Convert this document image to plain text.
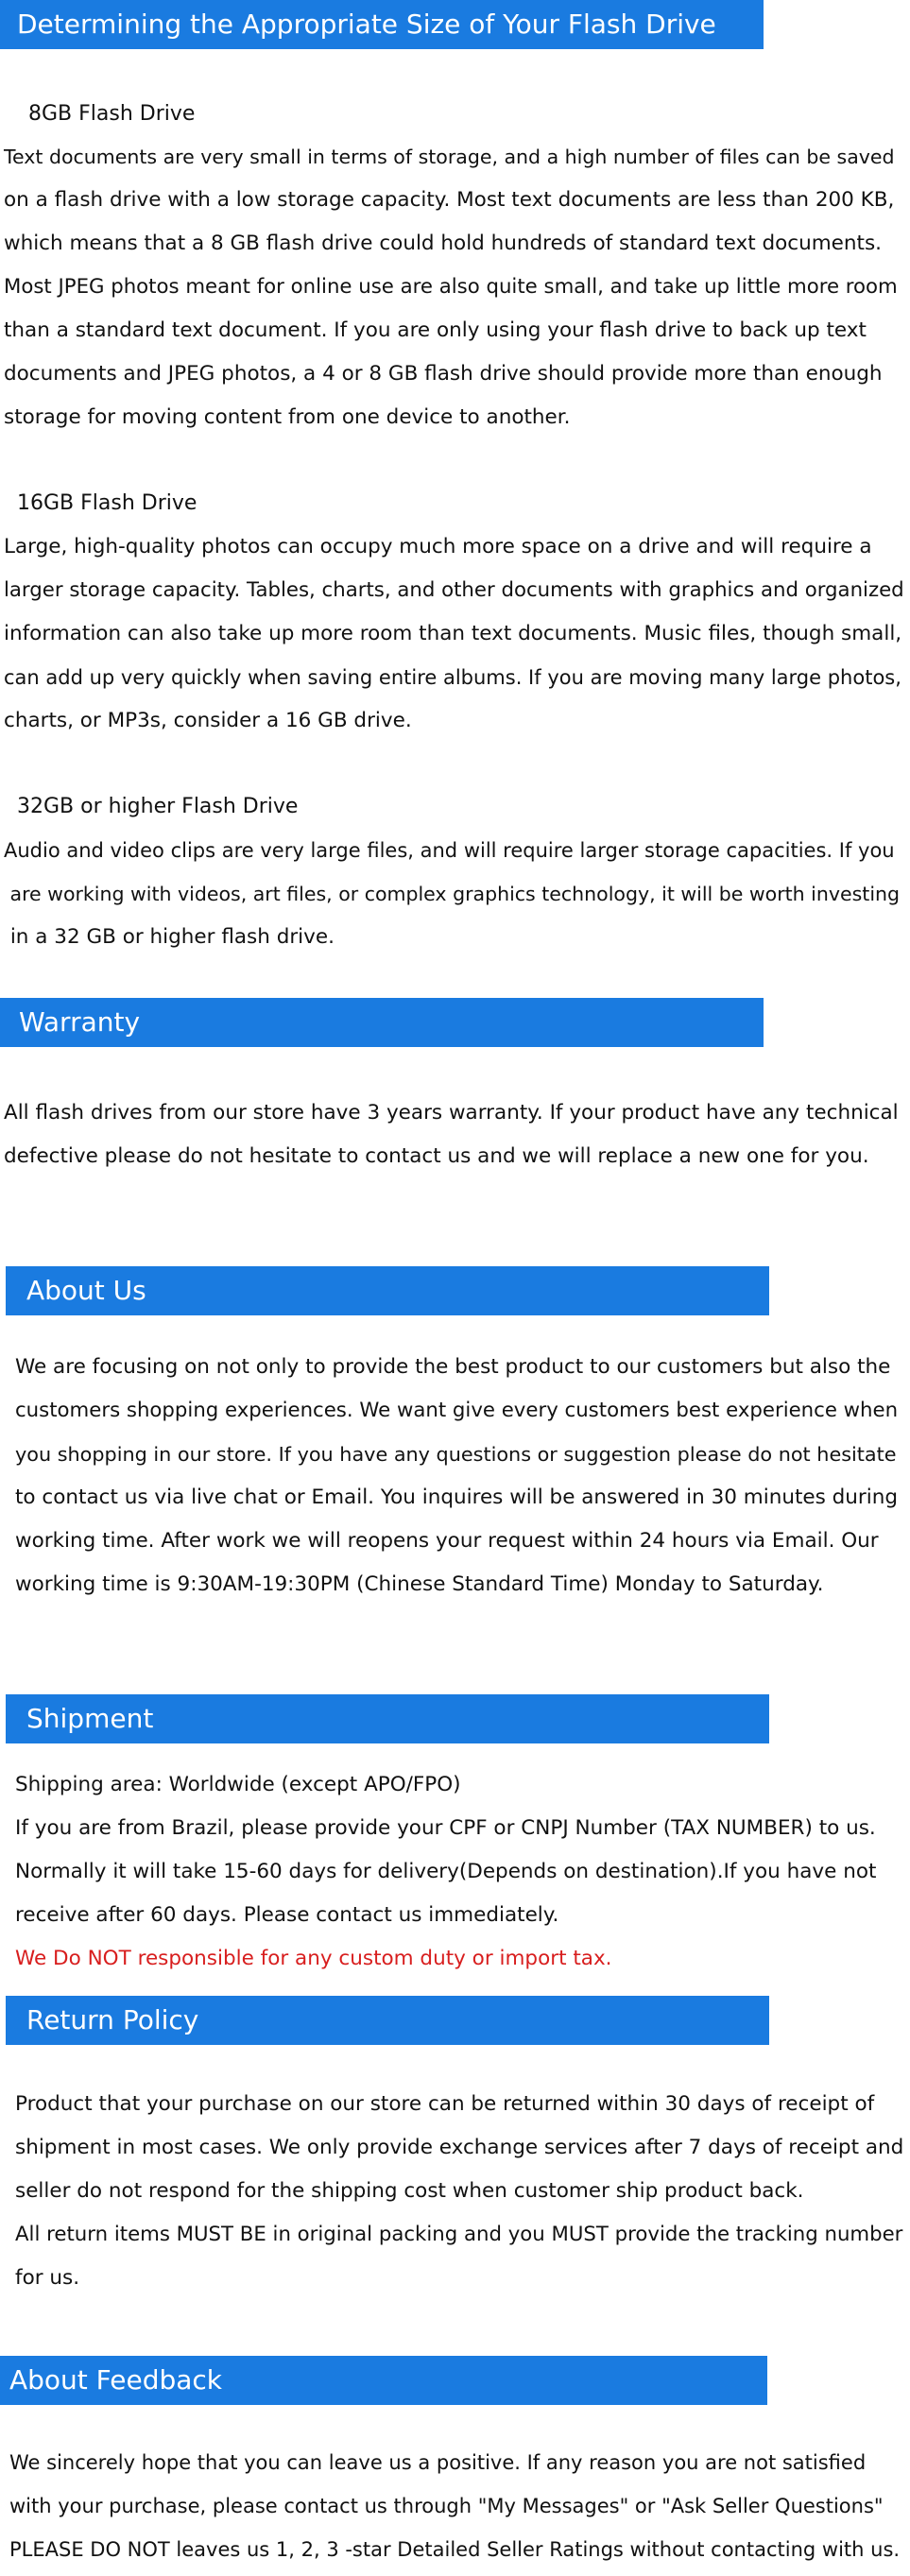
Determining the Appropriate Size of Your Flash Drive
8GB Flash Drive
Text documents are very small in terms of storage, and a high number of files can be saved
on a flash drive with a low storage capacity. Most text documents are less than 200 KB,
which means that a 8 GB flash drive could hold hundreds of standard text documents.
Most JPEG photos meant for online use are also quite small, and take up little more room
than a standard text document. If you are only using your flash drive to back up text
documents and JPEG photos, a 4 or 8 GB flash drive should provide more than enough
storage for moving content from one device to another.
16GB Flash Drive
Large, high-quality photos can occupy much more space on a drive and will require a
larger storage capacity. Tables, charts, and other documents with graphics and organized
information can also take up more room than text documents. Music files, though small,
can add up very quickly when saving entire albums. If you are moving many large photos,
charts, or MP3s, consider a 16 GB drive.
32GB or higher Flash Drive
Audio and video clips are very large files, and will require larger storage capacities. If you
are working with videos, art files, or complex graphics technology, it will be worth investing
in a 32 GB or higher flash drive.
Warranty
All flash drives from our store have 3 years warranty. If your product have any technical
defective please do not hesitate to contact us and we will replace a new one for you.
About Us
We are focusing on not only to provide the best product to our customers but also the
customers shopping experiences. We want give every customers best experience when
you shopping in our store. If you have any questions or suggestion please do not hesitate
to contact us via live chat or Email. You inquires will be answered in 30 minutes during
working time. After work we will reopens your request within 24 hours via Email. Our
working time is 9:30AM-19:30PM (Chinese Standard Time) Monday to Saturday.
Shipment
Shipping area: Worldwide (except APO/FPO)
If you are from Brazil, please provide your CPF or CNPJ Number (TAX NUMBER) to us.
Normally it will take 15-60 days for delivery(Depends on destination).If you have not
receive after 60 days. Please contact us immediately.
We Do NOT responsible for any custom duty or import tax.
Return Policy
Product that your purchase on our store can be returned within 30 days of receipt of
shipment in most cases. We only provide exchange services after 7 days of receipt and
seller do not respond for the shipping cost when customer ship product back.
All return items MUST BE in original packing and you MUST provide the tracking number
for us.
About Feedback
We sincerely hope that you can leave us a positive. If any reason you are not satisfied
with your purchase, please contact us through "My Messages" or "Ask Seller Questions"
PLEASE DO NOT leaves us 1, 2, 3 -star Detailed Seller Ratings without contacting with us.
